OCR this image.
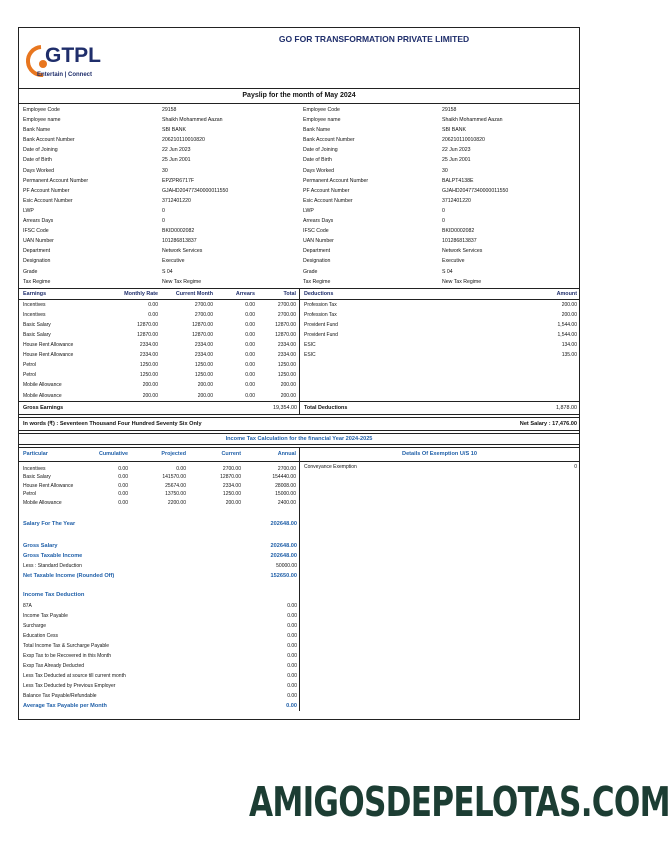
GTPL
Entertain | Connect
GO FOR TRANSFORMATION PRIVATE LIMITED
Payslip for the month of May 2024
Employee Code	29158
Employee name	Shaikh Mohammed Aazan
Bank Name	SBI BANK
Bank Account Number	206210110010820
Date of Joining	22 Jun 2023
Date of Birth	25 Jun 2001
Days Worked	30
Permanent Account Number	EPZPR6717F
PF Account Number	GJAHD20477340000011550
Esic Account Number	3712401220
LWP	0
Arrears Days	0
IFSC Code	BKID0002082
UAN Number	101286813837
Department	Network Services
Designation	Executive
Grade	S 04
Tax Regime	New Tax Regime
Employee Code	29158
Employee name	Shaikh Mohammed Aazan
Bank Name	SBI BANK
Bank Account Number	206210110010820
Date of Joining	22 Jun 2023
Date of Birth	25 Jun 2001
Days Worked	30
Permanent Account Number	BALPT4138E
PF Account Number	GJAHD20477340000011550
Esic Account Number	3712401220
LWP	0
Arrears Days	0
IFSC Code	BKID0002082
UAN Number	101286813837
Department	Network Services
Designation	Executive
Grade	S 04
Tax Regime	New Tax Regime
Earnings	Monthly Rate	Current Month	Arrears	Total
Incentives	0.00	2700.00	0.00	2700.00
Incentives	0.00	2700.00	0.00	2700.00
Basic Salary	12870.00	12870.00	0.00	12870.00
Basic Salary	12870.00	12870.00	0.00	12870.00
House Rent Allowance	2334.00	2334.00	0.00	2334.00
House Rent Allowance	2334.00	2334.00	0.00	2334.00
Petrol	1250.00	1250.00	0.00	1250.00
Petrol	1250.00	1250.00	0.00	1250.00
Mobile Allowance	200.00	200.00	0.00	200.00
Mobile Allowance	200.00	200.00	0.00	200.00
Deductions	Amount
Profession Tax	200.00
Profession Tax	200.00
Provident Fund	1,544.00
Provident Fund	1,544.00
ESIC	134.00
ESIC	135.00
Gross Earnings	19,354.00 Total Deductions	1,878.00
In words (₹) : Seventeen Thousand Four Hundred Seventy Six Only	Net Salary : 17,476.00
Income Tax Calculation for the financial Year 2024-2025
Particular	Cumulative	Projected	Current	Annual
Incentives	0.00	0.00	2700.00	2700.00
Basic Salary	0.00	141570.00	12870.00	154440.00
House Rent Allowance	0.00	25674.00	2334.00	28008.00
Petrol	0.00	13750.00	1250.00	15000.00
Mobile Allowance	0.00	2200.00	200.00	2400.00
Salary For The Year	202648.00
Gross Salary	202648.00
Gross Taxable Income	202648.00
Less : Standard Deduction	50000.00
Net Taxable Income (Rounded Off)	152650.00
Income Tax Deduction
87A	0.00
Income Tax Payable	0.00
Surcharge	0.00
Education Cess	0.00
Total Income Tax & Surcharge Payable	0.00
Exsp Tax to be Recovered in this Month	0.00
Exsp Tax Already Deducted	0.00
Less Tax Deducted at source till current month	0.00
Less Tax Deducted by Previous Employer	0.00
Balance Tax Payable/Refundable	0.00
Average Tax Payable per Month	0.00
Details Of Exemption U/S 10
Conveyance Exemption	0
AMIGOSDEPELOTAS.COM
